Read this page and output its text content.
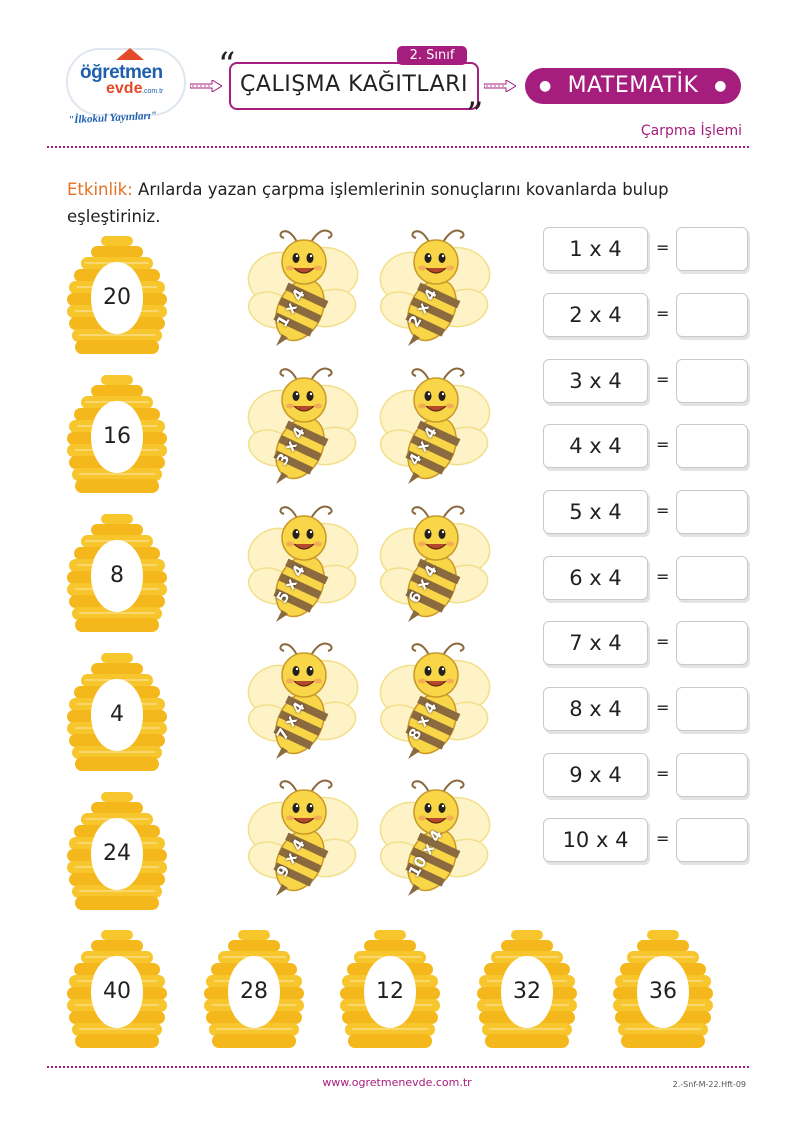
öğretmen
evde .com.tr
"İlkokul Yayınları"
“ ÇALIŞMA KAĞITLARI
2. Sınıf
”
● MATEMATİK ●
Çarpma İşlemi
Etkinlik: Arılarda yazan çarpma işlemlerinin sonuçlarını kovanlarda bulup eşleştiriniz.
20
16
8
4
24
1 x 4	2 x 4
3 x 4	4 x 4
5 x 4	6 x 4
7 x 4	8 x 4
9 x 4	10 x 4
1 x 4	=
2 x 4	=
3 x 4	=
4 x 4	=
5 x 4	=
6 x 4	=
7 x 4	=
8 x 4	=
9 x 4	=
10 x 4	=
40	28	12	32	36
www.ogretmenevde.com.tr	2.-Snf-M-22.Hft-09
